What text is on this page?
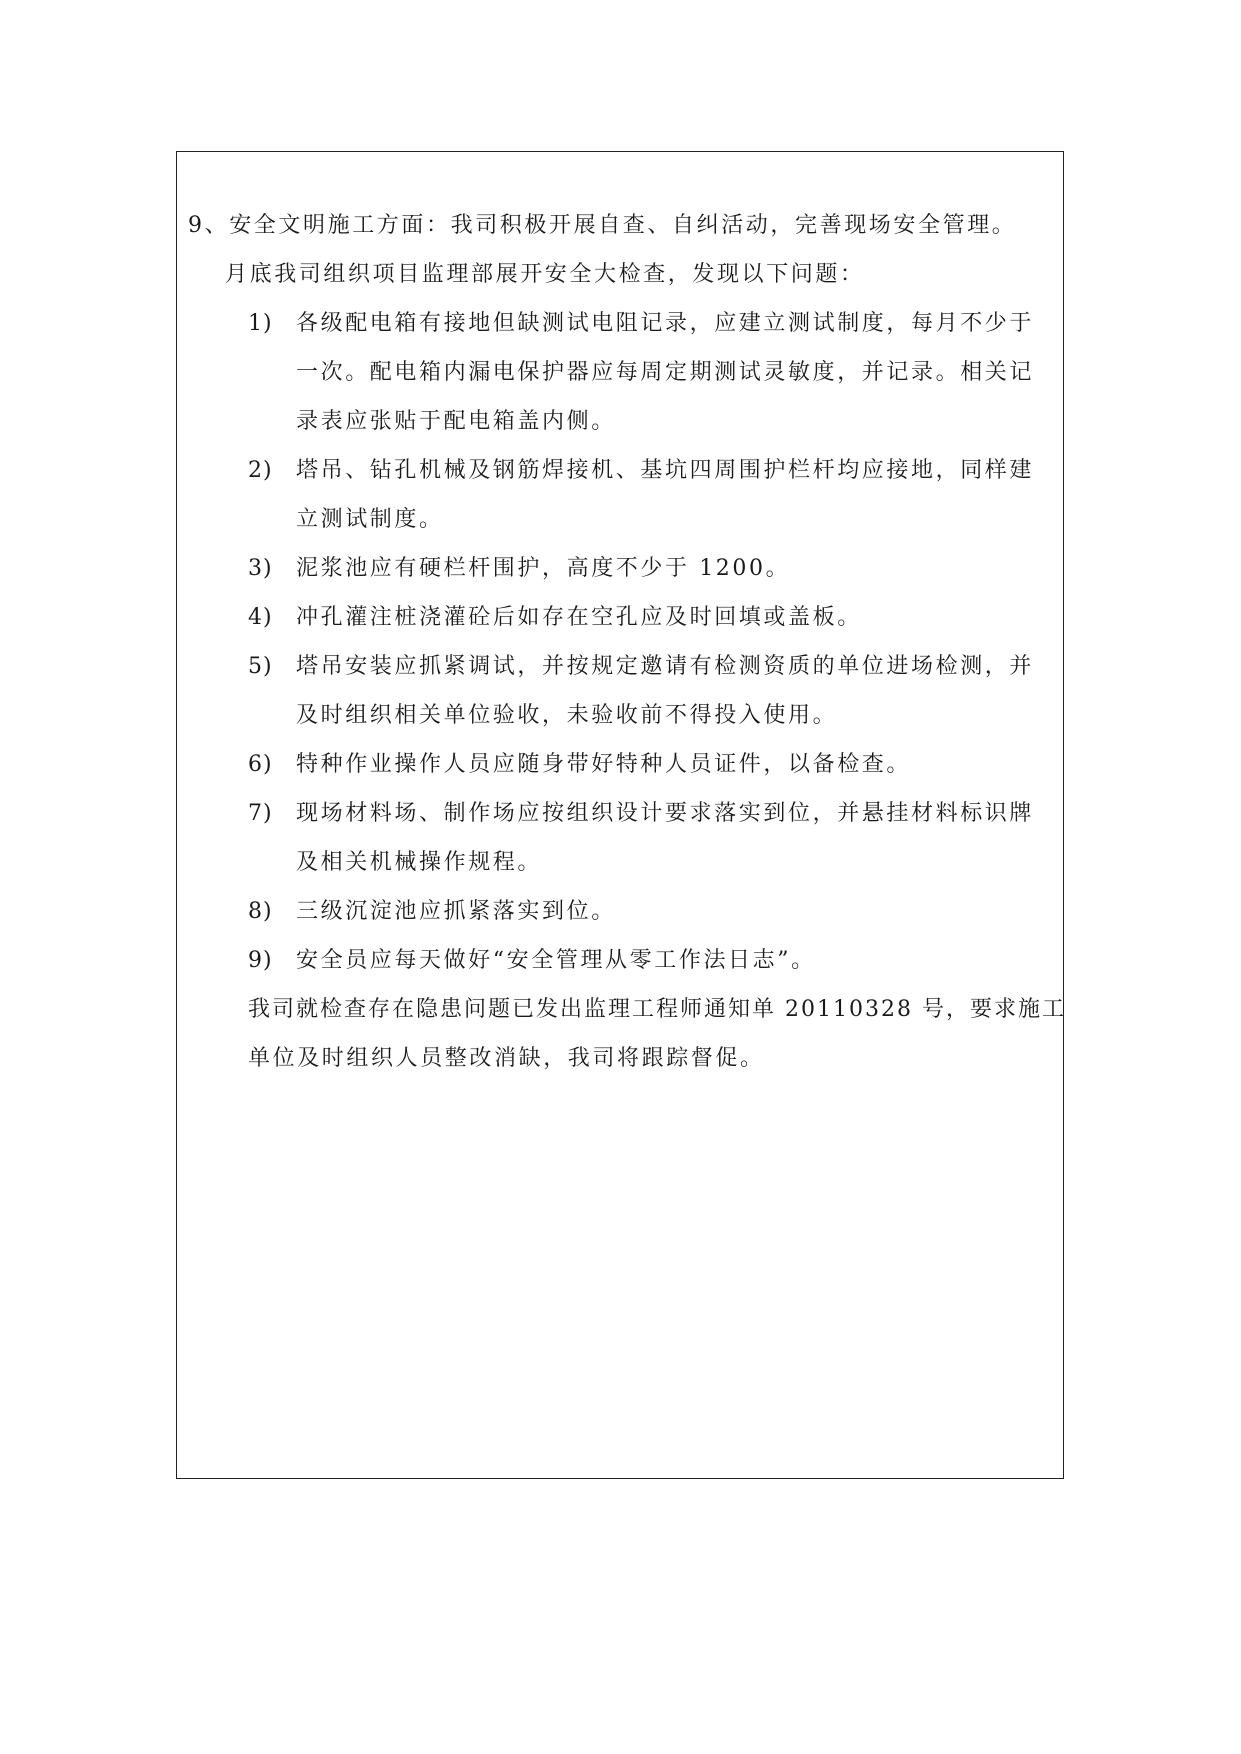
9、安全文明施工方面：我司积极开展自查、自纠活动，完善现场安全管理。
月底我司组织项目监理部展开安全大检查，发现以下问题：
1) 各级配电箱有接地但缺测试电阻记录，应建立测试制度，每月不少于
一次。配电箱内漏电保护器应每周定期测试灵敏度，并记录。相关记
录表应张贴于配电箱盖内侧。
2) 塔吊、钻孔机械及钢筋焊接机、基坑四周围护栏杆均应接地，同样建
立测试制度。
3) 泥浆池应有硬栏杆围护，高度不少于 1200。
4) 冲孔灌注桩浇灌砼后如存在空孔应及时回填或盖板。
5) 塔吊安装应抓紧调试，并按规定邀请有检测资质的单位进场检测，并
及时组织相关单位验收，未验收前不得投入使用。
6) 特种作业操作人员应随身带好特种人员证件，以备检查。
7) 现场材料场、制作场应按组织设计要求落实到位，并悬挂材料标识牌
及相关机械操作规程。
8) 三级沉淀池应抓紧落实到位。
9) 安全员应每天做好“安全管理从零工作法日志”。
我司就检查存在隐患问题已发出监理工程师通知单 20110328 号，要求施工
单位及时组织人员整改消缺，我司将跟踪督促。
